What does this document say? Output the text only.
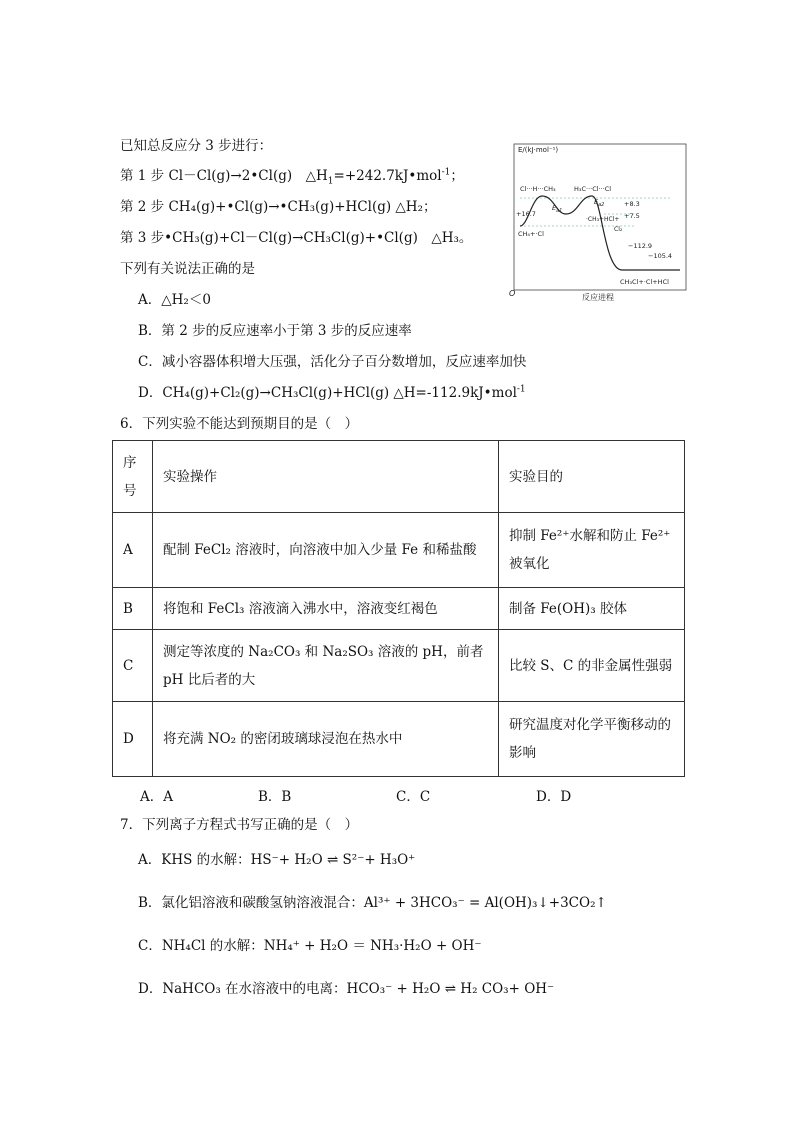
已知总反应分 3 步进行：
第 1 步 Cl－Cl(g)→2•Cl(g)　$\triangle H_1=+242.7kJ•mol^{-1}$；
第 2 步 CH₄(g)+•Cl(g)→•CH₃(g)+HCl(g) △H₂；
第 3 步•CH₃(g)+Cl－Cl(g)→CH₃Cl(g)+•Cl(g)　△H₃。
下列有关说法正确的是
A．△H₂＜0
B．第 2 步的反应速率小于第 3 步的反应速率
C．减小容器体积增大压强，活化分子百分数增加，反应速率加快
D．CH₄(g)+Cl₂(g)→CH₃Cl(g)+HCl(g) △H=-112.9kJ•mol$^{-1}$
E/(kJ·mol⁻¹)
O	反应进程
Cl···H···CH₃	H₃C···Cl···Cl
CH₄+·Cl
·CH₃+HCl+
Cl₂
CH₃Cl+·Cl+HCl
$E_{a1}$
$E_{a2}$
+16.7
+8.3
+7.5
−112.9
−105.4
6．下列实验不能达到预期目的是（　）
序号	实验操作	实验目的
A	配制 FeCl₂ 溶液时，向溶液中加入少量 Fe 和稀盐酸	抑制 Fe²⁺水解和防止 Fe²⁺被氧化
B	将饱和 FeCl₃ 溶液滴入沸水中，溶液变红褐色	制备 Fe(OH)₃ 胶体
C	测定等浓度的 Na₂CO₃ 和 Na₂SO₃ 溶液的 pH，前者 pH 比后者的大	比较 S、C 的非金属性强弱
D	将充满 NO₂ 的密闭玻璃球浸泡在热水中	研究温度对化学平衡移动的影响
A．A	B．B	C．C	D．D
7．下列离子方程式书写正确的是（　）
A．KHS 的水解：HS⁻+ H₂O ⇌ S²⁻+ H₃O⁺
B．氯化铝溶液和碳酸氢钠溶液混合：Al³⁺ + 3HCO₃⁻ = Al(OH)₃↓+3CO₂↑
C．NH₄Cl 的水解：NH₄⁺ + H₂O ＝ NH₃·H₂O + OH⁻
D．NaHCO₃ 在水溶液中的电离：HCO₃⁻ + H₂O ⇌ H₂ CO₃+ OH⁻
